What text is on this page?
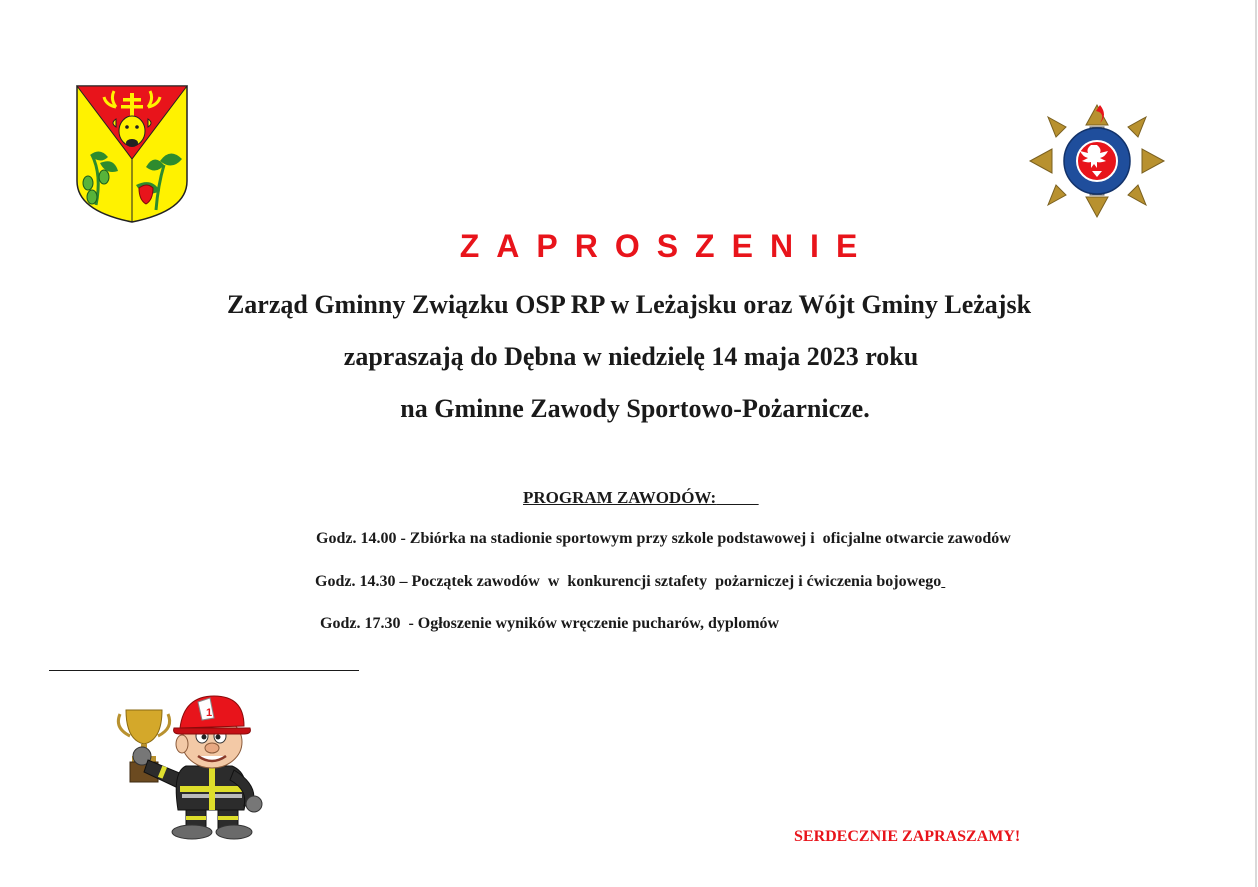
ZAPROSZENIE
Zarząd Gminny Związku OSP RP w Leżajsku oraz Wójt Gminy Leżajsk
zapraszają do Dębna w niedzielę 14 maja 2023 roku
na Gminne Zawody Sportowo-Pożarnicze.
PROGRAM ZAWODÓW:
Godz. 14.00 - Zbiórka na stadionie sportowym przy szkole podstawowej i  oficjalne otwarcie zawodów
Godz. 14.30 – Początek zawodów  w  konkurencji sztafety  pożarniczej i ćwiczenia bojowego
Godz. 17.30  - Ogłoszenie wyników wręczenie pucharów, dyplomów
1
SERDECZNIE ZAPRASZAMY!
